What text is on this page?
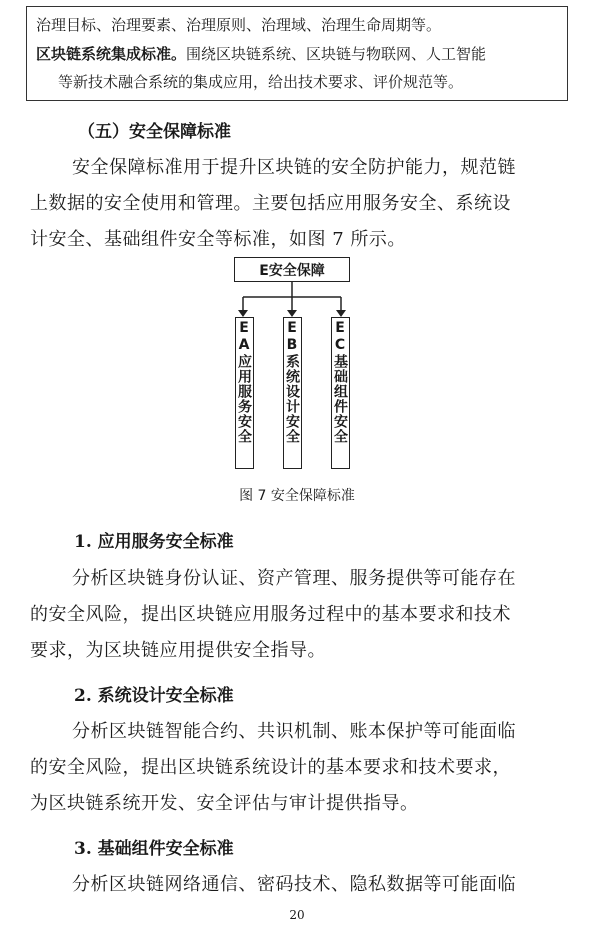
治理目标、治理要素、治理原则、治理域、治理生命周期等。
区块链系统集成标准。围绕区块链系统、区块链与物联网、人工智能
等新技术融合系统的集成应用，给出技术要求、评价规范等。
（五）安全保障标准
安全保障标准用于提升区块链的安全防护能力，规范链
上数据的安全使用和管理。主要包括应用服务安全、系统设
计安全、基础组件安全等标准，如图 7 所示。
E安全保障
EA应用服务安全 EB系统设计安全 EC基础组件安全
图 7 安全保障标准
1. 应用服务安全标准
分析区块链身份认证、资产管理、服务提供等可能存在
的安全风险，提出区块链应用服务过程中的基本要求和技术
要求，为区块链应用提供安全指导。
2. 系统设计安全标准
分析区块链智能合约、共识机制、账本保护等可能面临
的安全风险，提出区块链系统设计的基本要求和技术要求，
为区块链系统开发、安全评估与审计提供指导。
3. 基础组件安全标准
分析区块链网络通信、密码技术、隐私数据等可能面临
20
